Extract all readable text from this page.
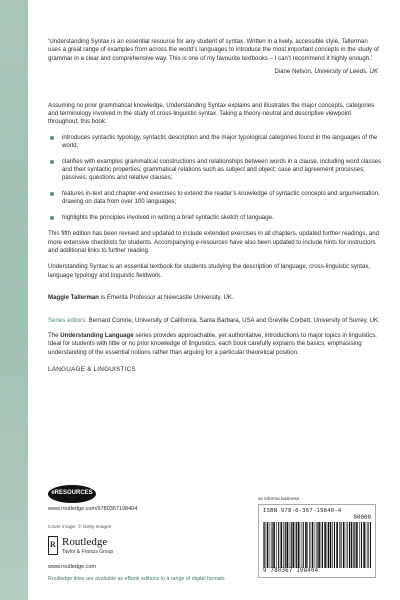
‘Understanding Syntax is an essential resource for any student of syntax. Written in a lively, accessible style, Tallerman uses a great range of examples from across the world’s languages to introduce the most important concepts in the study of grammar in a clear and comprehensive way. This is one of my favourite textbooks – I can’t recommend it highly enough.’

Diane Nelson, University of Leeds, UK

Assuming no prior grammatical knowledge, Understanding Syntax explains and illustrates the major concepts, categories and terminology involved in the study of cross-linguistic syntax. Taking a theory-neutral and descriptive viewpoint throughout, this book:

introduces syntactic typology, syntactic description and the major typological categories found in the languages of the world;
clarifies with examples grammatical constructions and relationships between words in a clause, including word classes and their syntactic properties; grammatical relations such as subject and object; case and agreement processes; passives; questions and relative clauses;
features in-text and chapter-end exercises to extend the reader’s knowledge of syntactic concepts and argumentation, drawing on data from over 100 languages;
highlights the principles involved in writing a brief syntactic sketch of language.

This fifth edition has been revised and updated to include extended exercises in all chapters, updated further readings, and more extensive checklists for students. Accompanying e-resources have also been updated to include hints for instructors and additional links to further reading.

Understanding Syntax is an essential textbook for students studying the description of language, cross-linguistic syntax, language typology and linguistic fieldwork.

Maggie Tallerman is Emerita Professor at Newcastle University, UK.

Series editors: Bernard Comrie, University of California, Santa Barbara, USA and Greville Corbett, University of Surrey, UK.

The Understanding Language series provides approachable, yet authoritative, introductions to major topics in linguistics. Ideal for students with little or no prior knowledge of linguistics, each book carefully explains the basics, emphasising understanding of the essential notions rather than arguing for a particular theoretical position.

LANGUAGE & LINGUISTICS

eRESOURCES
www.routledge.com/9780367198404
Cover image: © Getty Images
R Routledge
Taylor & Francis Group
www.routledge.com
Routledge titles are available as eBook editions in a range of digital formats
an informa business
ISBN 978-0-367-19840-4
90000
9 780367 198404
